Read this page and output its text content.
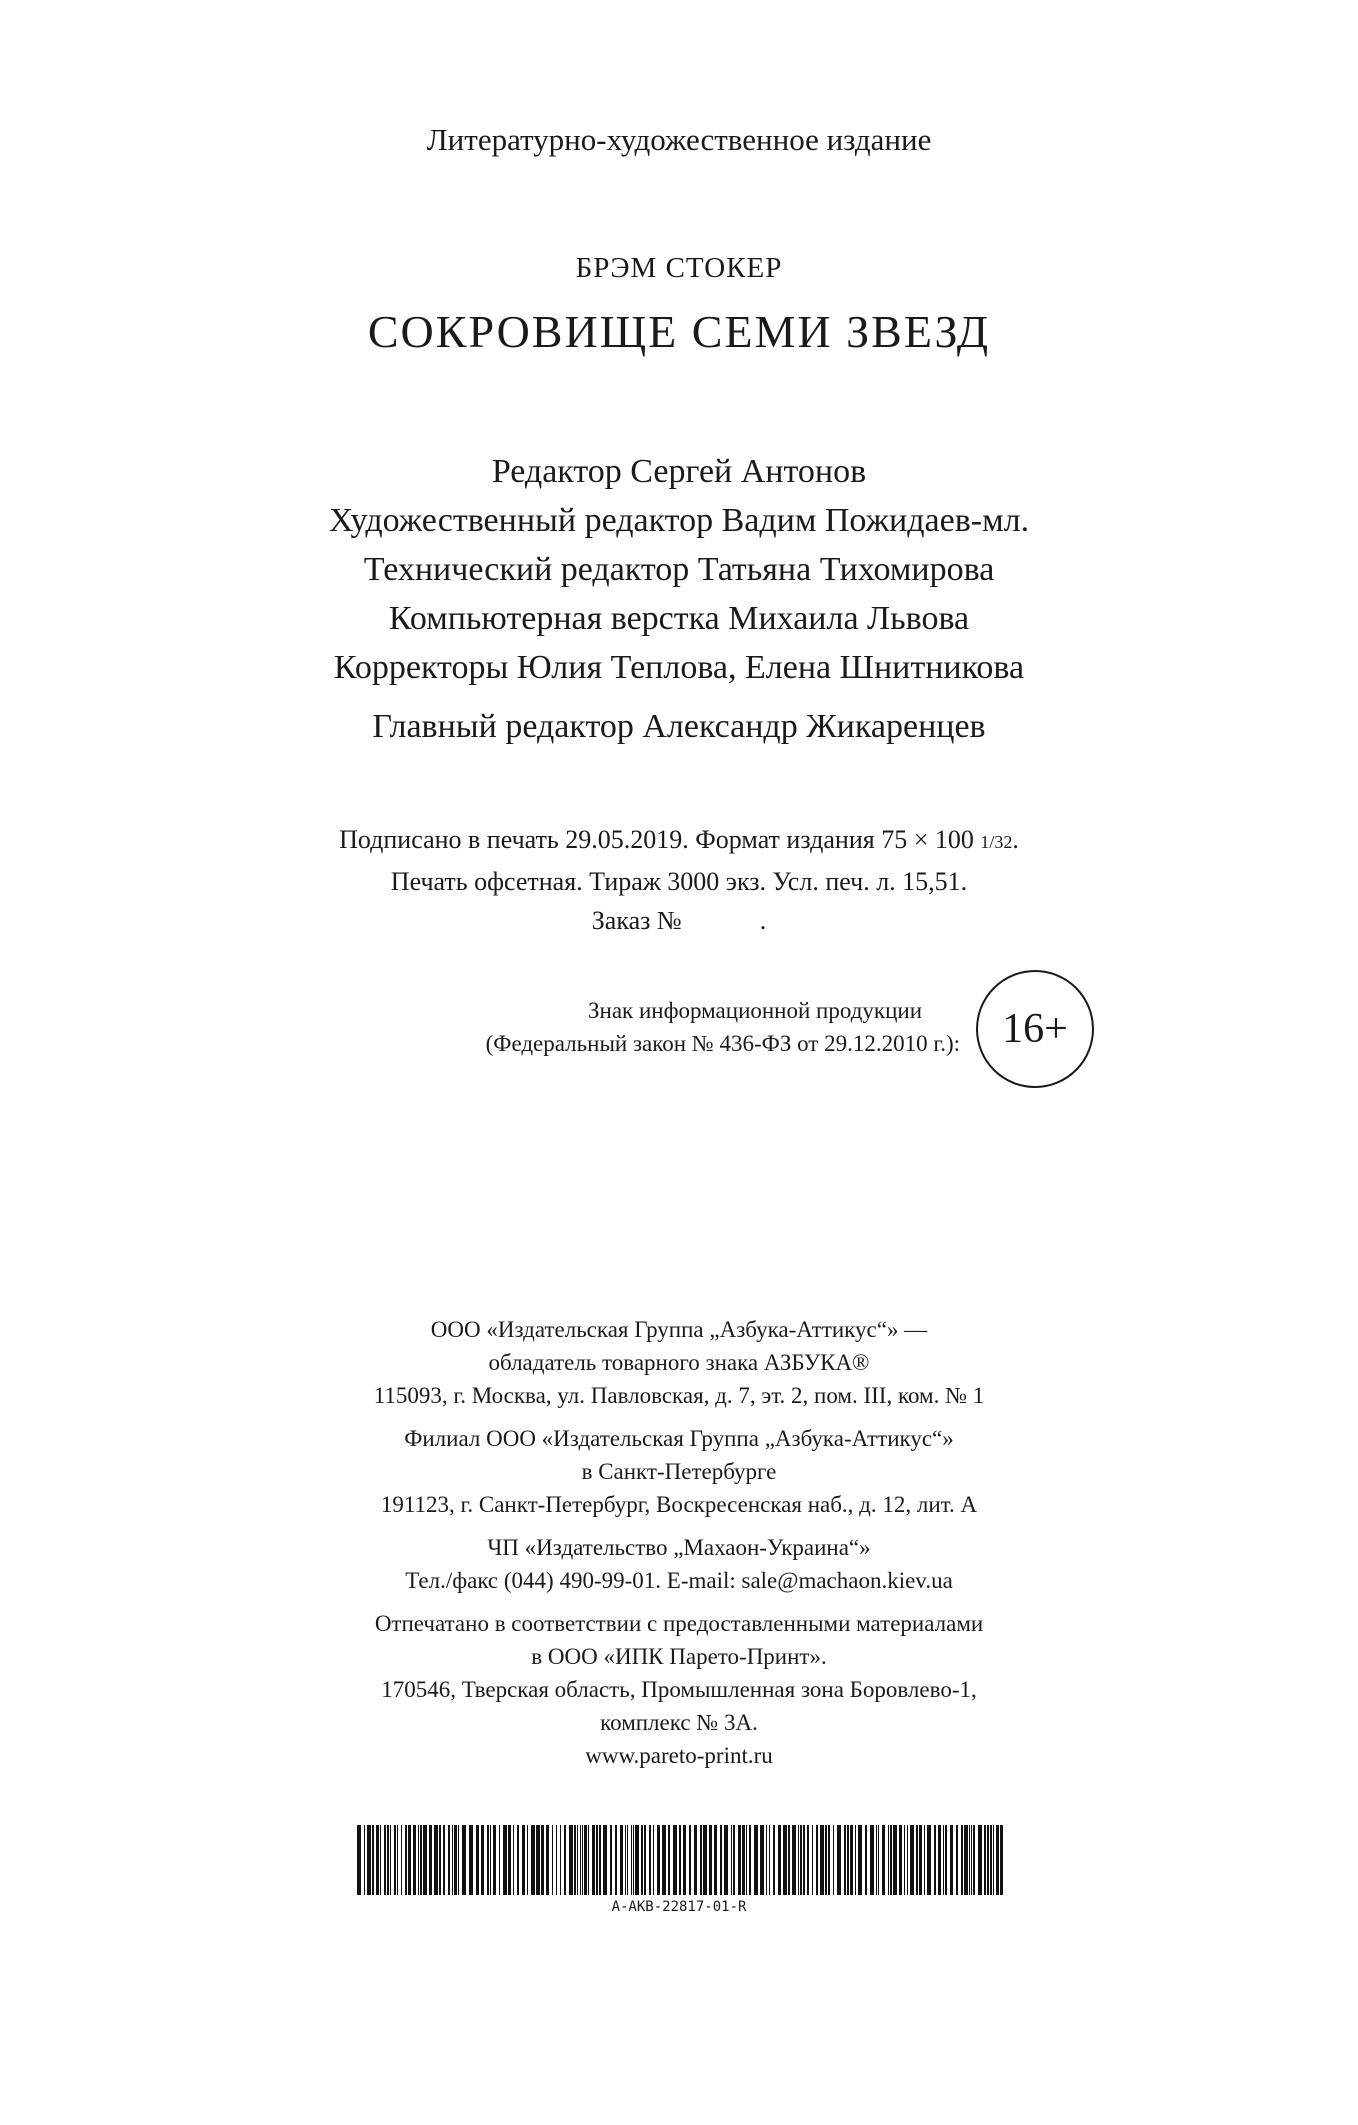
Литературно-художественное издание
БРЭМ СТОКЕР
СОКРОВИЩЕ СЕМИ ЗВЕЗД
Редактор Сергей Антонов
Художественный редактор Вадим Пожидаев-мл.
Технический редактор Татьяна Тихомирова
Компьютерная верстка Михаила Львова
Корректоры Юлия Теплова, Елена Шнитникова
Главный редактор Александр Жикаренцев
Подписано в печать 29.05.2019. Формат издания 75 × 100 1/32.
Печать офсетная. Тираж 3000 экз. Усл. печ. л. 15,51.
Заказ №            .
Знак информационной продукции
(Федеральный закон № 436-ФЗ от 29.12.2010 г.): 16+
ООО «Издательская Группа „Азбука-Аттикус“» —
обладатель товарного знака АЗБУКА®
115093, г. Москва, ул. Павловская, д. 7, эт. 2, пом. III, ком. № 1
Филиал ООО «Издательская Группа „Азбука-Аттикус“»
в Санкт-Петербурге
191123, г. Санкт-Петербург, Воскресенская наб., д. 12, лит. А
ЧП «Издательство „Махаон-Украина“»
Тел./факс (044) 490-99-01. E-mail: sale@machaon.kiev.ua
Отпечатано в соответствии с предоставленными материалами
в ООО «ИПК Парето-Принт».
170546, Тверская область, Промышленная зона Боровлево-1,
комплекс № 3А.
www.pareto-print.ru
A-AKB-22817-01-R
